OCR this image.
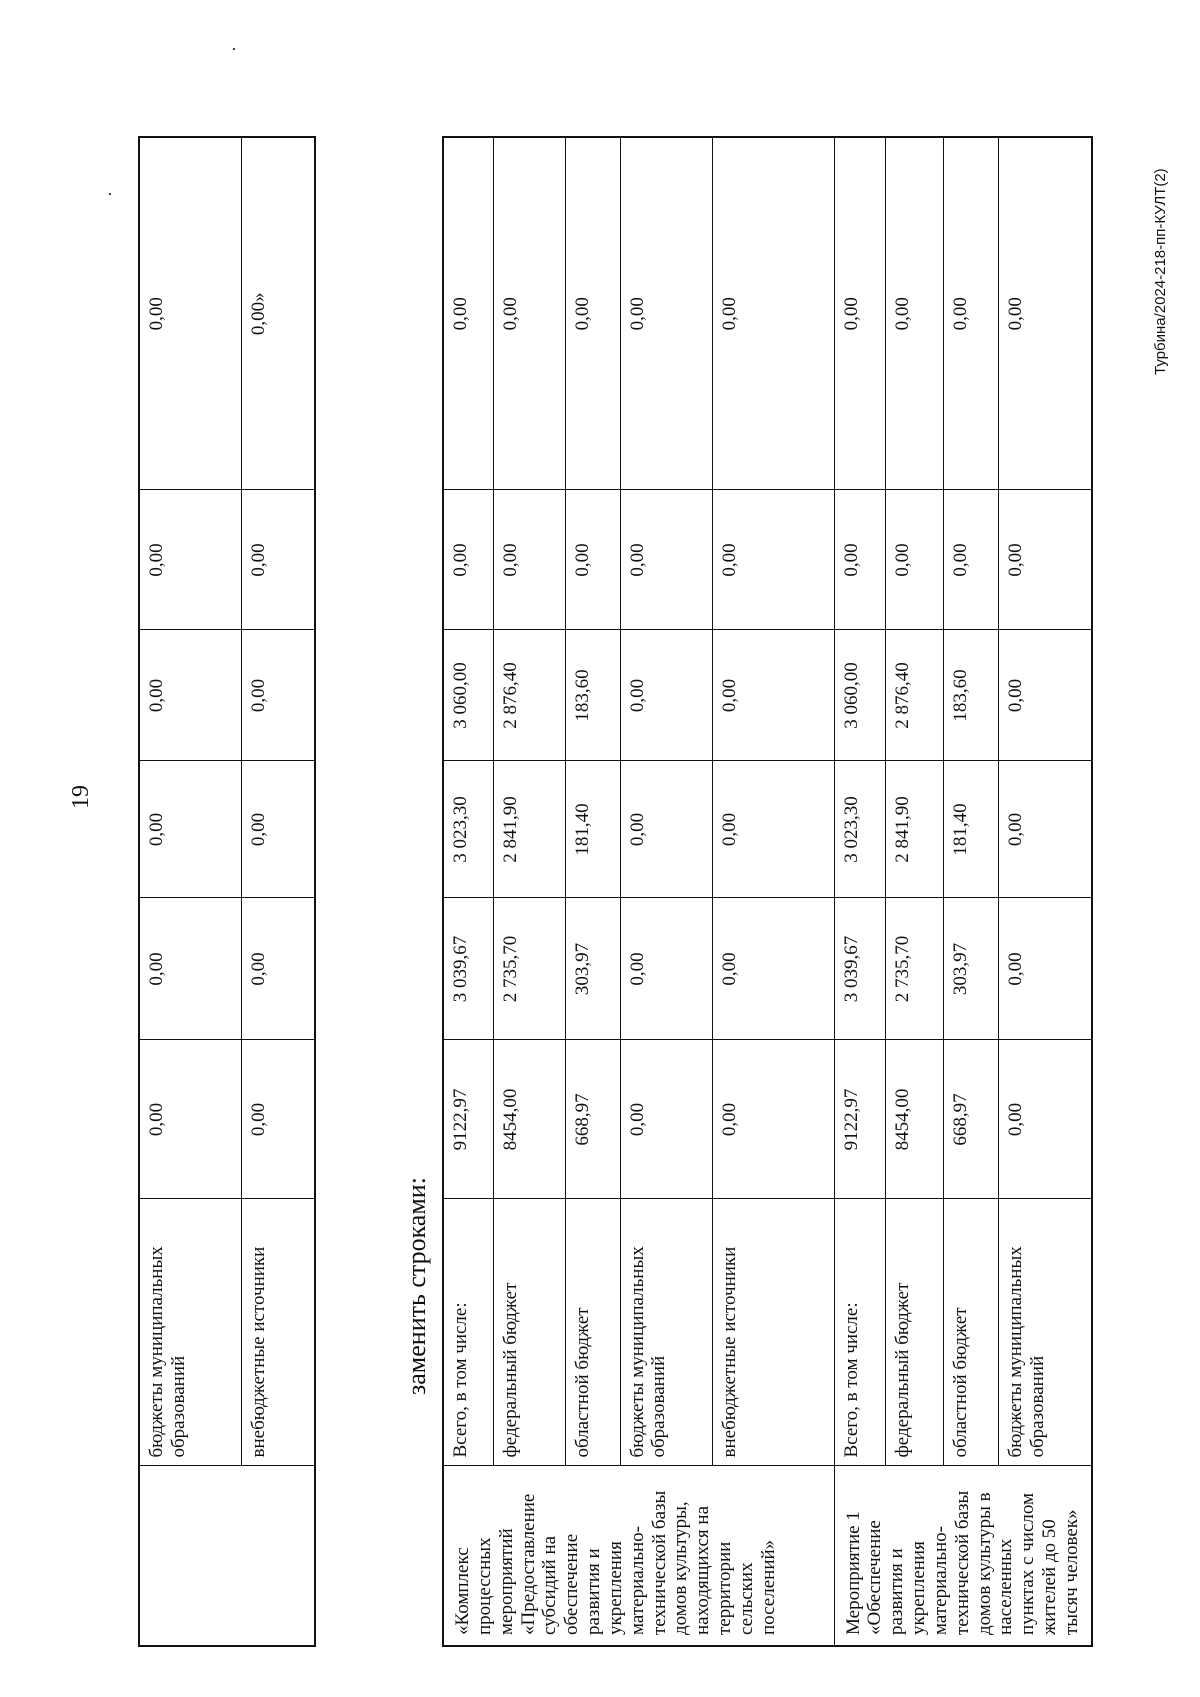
19
Турбина/2024-218-пп-КУЛТ(2)
	бюджеты муниципальных образований	0,00	0,00	0,00	0,00	0,00	0,00
	внебюджетные источники	0,00	0,00	0,00	0,00	0,00	0,00»
заменить строками:
«Комплекс процессных мероприятий «Предоставление субсидий на обеспечение развития и укрепления материально-технической базы домов культуры, находящихся на территории сельских поселений»	Всего, в том числе:	9122,97	3 039,67	3 023,30	3 060,00	0,00	0,00
	федеральный бюджет	8454,00	2 735,70	2 841,90	2 876,40	0,00	0,00
	областной бюджет	668,97	303,97	181,40	183,60	0,00	0,00
	бюджеты муниципальных образований	0,00	0,00	0,00	0,00	0,00	0,00
	внебюджетные источники	0,00	0,00	0,00	0,00	0,00	0,00
Мероприятие 1 «Обеспечение развития и укрепления материально-технической базы домов культуры в населенных пунктах с числом жителей до 50 тысяч человек»	Всего, в том числе:	9122,97	3 039,67	3 023,30	3 060,00	0,00	0,00
	федеральный бюджет	8454,00	2 735,70	2 841,90	2 876,40	0,00	0,00
	областной бюджет	668,97	303,97	181,40	183,60	0,00	0,00
	бюджеты муниципальных образований	0,00	0,00	0,00	0,00	0,00	0,00
·
·
